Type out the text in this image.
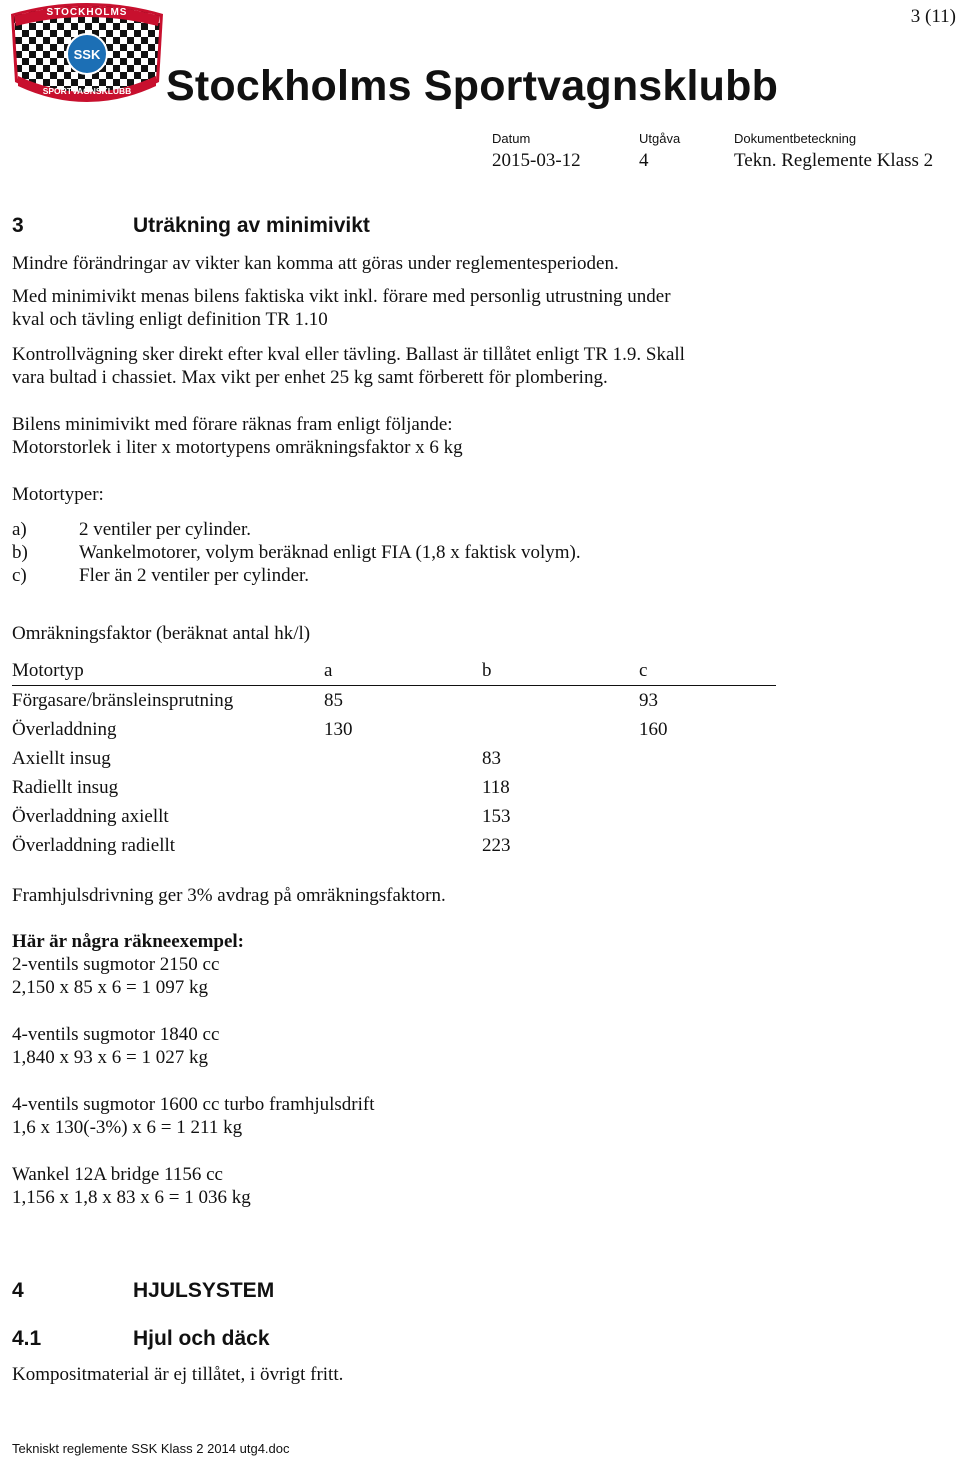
SSK
STOCKHOLMS
SPORTVAGNSKLUBB
3 (11)
Stockholms Sportvagnsklubb
Datum	Utgåva	Dokumentbeteckning
2015-03-12	4	Tekn. Reglemente Klass 2
3	Uträkning av minimivikt
Mindre förändringar av vikter kan komma att göras under reglementesperioden.
Med minimivikt menas bilens faktiska vikt inkl. förare med personlig utrustning under
kval och tävling enligt definition TR 1.10
Kontrollvägning sker direkt efter kval eller tävling. Ballast är tillåtet enligt TR 1.9. Skall
vara bultad i chassiet. Max vikt per enhet 25 kg samt förberett för plombering.
Bilens minimivikt med förare räknas fram enligt följande:
Motorstorlek i liter x motortypens omräkningsfaktor x 6 kg
Motortyper:
a)	2 ventiler per cylinder.
b)	Wankelmotorer, volym beräknad enligt FIA (1,8 x faktisk volym).
c)	Fler än 2 ventiler per cylinder.
Omräkningsfaktor (beräknat antal hk/l)
Motortyp	a	b	c
Förgasare/bränsleinsprutning	85		93
Överladdning	130		160
Axiellt insug		83	
Radiellt insug		118	
Överladdning axiellt		153	
Överladdning radiellt		223	
Framhjulsdrivning ger 3% avdrag på omräkningsfaktorn.
Här är några räkneexempel:
2-ventils sugmotor 2150 cc
2,150 x 85 x 6 = 1 097 kg
4-ventils sugmotor 1840 cc
1,840 x 93 x 6 = 1 027 kg
4-ventils sugmotor 1600 cc turbo framhjulsdrift
1,6 x 130(-3%) x 6 = 1 211 kg
Wankel 12A bridge 1156 cc
1,156 x 1,8 x 83 x 6 = 1 036 kg
4	HJULSYSTEM
4.1	Hjul och däck
Kompositmaterial är ej tillåtet, i övrigt fritt.
Tekniskt reglemente SSK Klass 2 2014 utg4.doc
